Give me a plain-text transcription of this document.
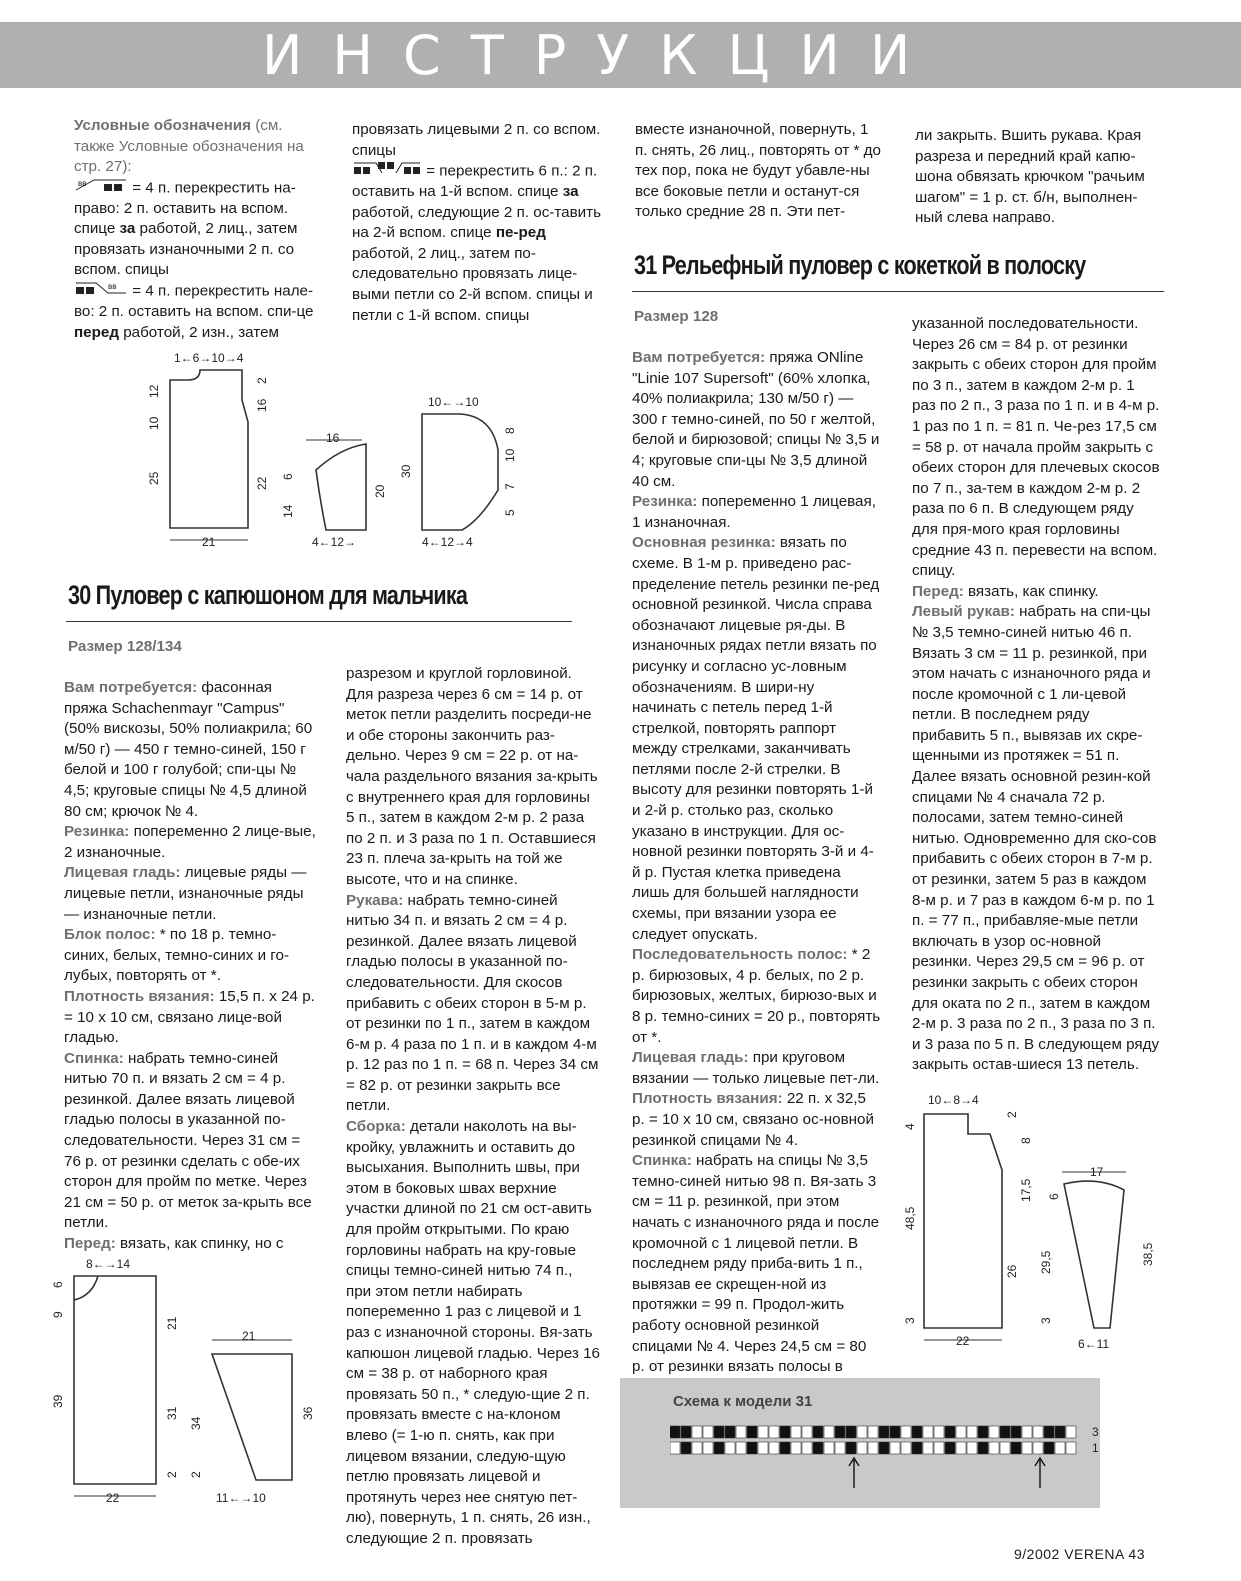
ИНСТРУКЦИИ

Условные обозначения (см. также Условные обозначения на стр. 27):

ʙʙ	= 4 п. перекрестить на-право: 2 п. оставить на вспом. спице за работой, 2 лиц., затем провязать изнаночными 2 п. со вспом. спицы

ʙʙ = 4 п. перекрестить нале-во: 2 п. оставить на вспом. спи-це перед работой, 2 изн., затем

провязать лицевыми 2 п. со вспом. спицы

= перекрестить 6 п.: 2 п. оставить на 1-й вспом. спице за работой, следующие 2 п. ос-тавить на 2-й вспом. спице пе-ред работой, 2 лиц., затем по-следовательно провязать лице-выми петли со 2-й вспом. спицы и петли с 1-й вспом. спицы

вместе изнаночной, повернуть, 1 п. снять, 26 лиц., повторять от * до тех пор, пока не будут убавле-ны все боковые петли и останут-ся только средние 28 п. Эти пет-

ли закрыть. Вшить рукава. Края разреза и передний край капю-шона обвязать крючком "рачьим шагом" = 1 р. ст. б/н, выполнен-ный слева направо.

31 Рельефный пуловер с кокеткой в полоску
1←6→10→4
12
10
25
2
16
22
21
16
6
14
20
4←12→
10←→10
30
8
10
7
5
4←12→4
30 Пуловер с капюшоном для мальчика
Размер 128/134

Вам потребуется: фасонная пряжа Schachenmayr "Campus" (50% вискозы, 50% полиакрила; 60 м/50 г) — 450 г темно-синей, 150 г белой и 100 г голубой; спи-цы № 4,5; круговые спицы № 4,5 длиной 80 см; крючок № 4.

Резинка: попеременно 2 лице-вые, 2 изнаночные.

Лицевая гладь: лицевые ряды — лицевые петли, изнаночные ряды — изнаночные петли.

Блок полос: * по 18 р. темно-синих, белых, темно-синих и го-лубых, повторять от *.

Плотность вязания: 15,5 п. х 24 р. = 10 х 10 см, связано лице-вой гладью.

Спинка: набрать темно-синей нитью 70 п. и вязать 2 см = 4 р. резинкой. Далее вязать лицевой гладью полосы в указанной по-следовательности. Через 31 см = 76 р. от резинки сделать с обе-их сторон для пройм по метке. Через 21 см = 50 р. от меток за-крыть все петли.

Перед: вязать, как спинку, но с

разрезом и круглой горловиной. Для разреза через 6 см = 14 р. от меток петли разделить посреди-не и обе стороны закончить раз-дельно. Через 9 см = 22 р. от на-чала раздельного вязания за-крыть с внутреннего края для горловины 5 п., затем в каждом 2-м р. 2 раза по 2 п. и 3 раза по 1 п. Оставшиеся 23 п. плеча за-крыть на той же высоте, что и на спинке.

Рукава: набрать темно-синей нитью 34 п. и вязать 2 см = 4 р. резинкой. Далее вязать лицевой гладью полосы в указанной по-следовательности. Для скосов прибавить с обеих сторон в 5-м р. от резинки по 1 п., затем в каждом 6-м р. 4 раза по 1 п. и в каждом 4-м р. 12 раз по 1 п. = 68 п. Через 34 см = 82 р. от резинки закрыть все петли.

Сборка: детали наколоть на вы-кройку, увлажнить и оставить до высыхания. Выполнить швы, при этом в боковых швах верхние участки длиной по 21 см ост-авить для пройм открытыми. По краю горловины набрать на кру-говые спицы темно-синей нитью 74 п., при этом петли набирать попеременно 1 раз с лицевой и 1 раз с изнаночной стороны. Вя-зать капюшон лицевой гладью. Через 16 см = 38 р. от наборного края провязать 50 п., * следую-щие 2 п. провязать вместе с на-клоном влево (= 1-ю п. снять, как при лицевом вязании, следую-щую петлю провязать лицевой и протянуть через нее снятую пет-лю), повернуть, 1 п. снять, 26 изн., следующие 2 п. провязать

8←→14
6
9
39
21
31
2
22
21
34
2
36
11←→10
Размер 128

Вам потребуется: пряжа ONline "Linie 107 Supersoft" (60% хлопка, 40% полиакрила; 130 м/50 г) — 300 г темно-синей, по 50 г желтой, белой и бирюзовой; спицы № 3,5 и 4; круговые спи-цы № 3,5 длиной 40 см.

Резинка: попеременно 1 лицевая, 1 изнаночная.

Основная резинка: вязать по схеме. В 1-м р. приведено рас-пределение петель резинки пе-ред основной резинкой. Числа справа обозначают лицевые ря-ды. В изнаночных рядах петли вязать по рисунку и согласно ус-ловным обозначениям. В шири-ну начинать с петель перед 1-й стрелкой, повторять раппорт между стрелками, заканчивать петлями после 2-й стрелки. В высоту для резинки повторять 1-й и 2-й р. столько раз, сколько указано в инструкции. Для ос-новной резинки повторять 3-й и 4-й р. Пустая клетка приведена лишь для большей наглядности схемы, при вязании узора ее следует опускать.

Последовательность полос: * 2 р. бирюзовых, 4 р. белых, по 2 р. бирюзовых, желтых, бирюзо-вых и 8 р. темно-синих = 20 р., повторять от *.

Лицевая гладь: при круговом вязании — только лицевые пет-ли.

Плотность вязания: 22 п. х 32,5 р. = 10 х 10 см, связано ос-новной резинкой спицами № 4.

Спинка: набрать на спицы № 3,5 темно-синей нитью 98 п. Вя-зать 3 см = 11 р. резинкой, при этом начать с изнаночного ряда и после кромочной с 1 лицевой петли. В последнем ряду приба-вить 1 п., вывязав ее скрещен-ной из протяжки = 99 п. Продол-жить работу основной резинкой спицами № 4. Через 24,5 см = 80 р. от резинки вязать полосы в

указанной последовательности. Через 26 см = 84 р. от резинки закрыть с обеих сторон для пройм по 3 п., затем в каждом 2-м р. 1 раз по 2 п., 3 раза по 1 п. и в 4-м р. 1 раз по 1 п. = 81 п. Че-рез 17,5 см = 58 р. от начала пройм закрыть с обеих сторон для плечевых скосов по 7 п., за-тем в каждом 2-м р. 2 раза по 6 п. В следующем ряду для пря-мого края горловины средние 43 п. перевести на вспом. спицу.

Перед: вязать, как спинку.

Левый рукав: набрать на спи-цы № 3,5 темно-синей нитью 46 п. Вязать 3 см = 11 р. резинкой, при этом начать с изнаночного ряда и после кромочной с 1 ли-цевой петли. В последнем ряду прибавить 5 п., вывязав их скре-щенными из протяжек = 51 п. Далее вязать основной резин-кой спицами № 4 сначала 72 р. полосами, затем темно-синей нитью. Одновременно для ско-сов прибавить с обеих сторон в 7-м р. от резинки, затем 5 раз в каждом 8-м р. и 7 раз в каждом 6-м р. по 1 п. = 77 п., прибавляе-мые петли включать в узор ос-новной резинки. Через 29,5 см = 96 р. от резинки закрыть с обеих сторон для оката по 2 п., затем в каждом 2-м р. 3 раза по 2 п., 3 раза по 3 п. и 3 раза по 5 п. В следующем ряду закрыть остав-шиеся 13 петель.

10←8→4
4
48,5
3
2
8
6
17,5
26 29,5
3
22
17
38,5
6←11
Схема к модели 31
3
1
9/2002 VERENA 43
